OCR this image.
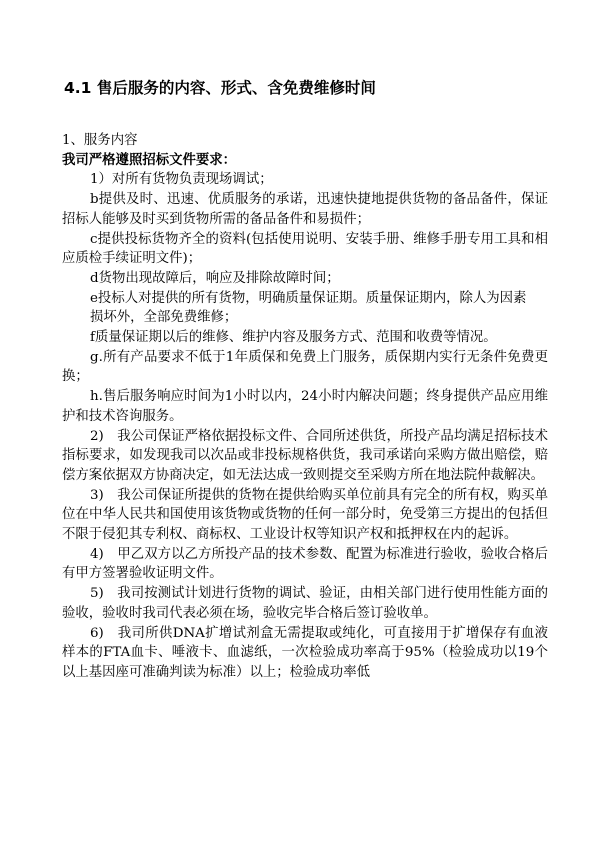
4.1 售后服务的内容、形式、含免费维修时间

1、服务内容

我司严格遵照招标文件要求：

1）对所有货物负责现场调试；

b提供及时、迅速、优质服务的承诺，迅速快捷地提供货物的备品备件，保证招标人能够及时买到货物所需的备品备件和易损件；

c提供投标货物齐全的资料(包括使用说明、安装手册、维修手册专用工具和相应质检手续证明文件)；

d货物出现故障后，响应及排除故障时间；

e投标人对提供的所有货物，明确质量保证期。质量保证期内，除人为因素

损坏外，全部免费维修；

f质量保证期以后的维修、维护内容及服务方式、范围和收费等情况。

g.所有产品要求不低于1年质保和免费上门服务，质保期内实行无条件免费更换；

h.售后服务响应时间为1小时以内，24小时内解决问题；终身提供产品应用维护和技术咨询服务。

2)　我公司保证严格依据投标文件、合同所述供货，所投产品均满足招标技术指标要求，如发现我司以次品或非投标规格供货，我司承诺向采购方做出赔偿，赔偿方案依据双方协商决定，如无法达成一致则提交至采购方所在地法院仲裁解决。

3)　我公司保证所提供的货物在提供给购买单位前具有完全的所有权，购买单位在中华人民共和国使用该货物或货物的任何一部分时，免受第三方提出的包括但不限于侵犯其专利权、商标权、工业设计权等知识产权和抵押权在内的起诉。

4)　甲乙双方以乙方所投产品的技术参数、配置为标准进行验收，验收合格后有甲方签署验收证明文件。

5)　我司按测试计划进行货物的调试、验证，由相关部门进行使用性能方面的验收，验收时我司代表必须在场，验收完毕合格后签订验收单。

6)　我司所供DNA扩增试剂盒无需提取或纯化，可直接用于扩增保存有血液样本的FTA血卡、唾液卡、血滤纸，一次检验成功率高于95%（检验成功以19个以上基因座可准确判读为标准）以上；检验成功率低
